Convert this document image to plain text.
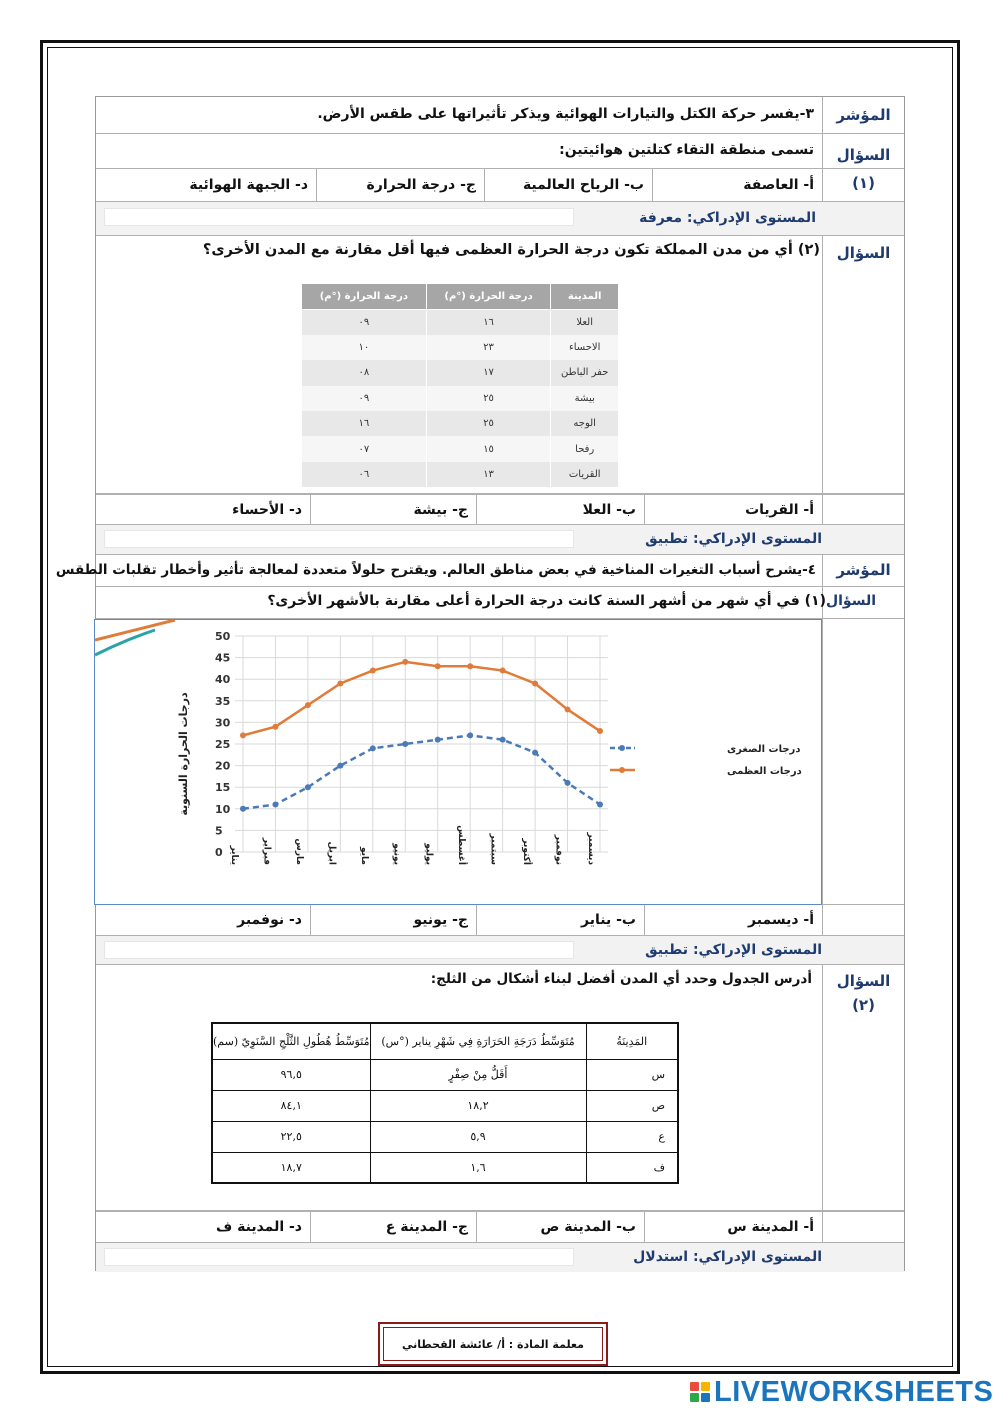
المؤشر
٣-يفسر حركة الكتل والتيارات الهوائية ويذكر تأثيراتها على طقس الأرض.
السؤال
(١)
تسمى منطقة التقاء كتلتين هوائيتين:
أ- العاصفة
ب- الرياح العالمية
ج- درجة الحرارة
د- الجبهة الهوائية
المستوى الإدراكي: معرفة
السؤال
(٢) أي من مدن المملكة تكون درجة الحرارة العظمى فيها أقل مقارنة مع المدن الأخرى؟
المدينة	درجة الحرارة (°م)	درجة الحرارة (°م)
العلا	١٦	٠٩
الاحساء	٢٣	١٠
حفر الباطن	١٧	٠٨
بيشة	٢٥	٠٩
الوجه	٢٥	١٦
رفحا	١٥	٠٧
القريات	١٣	٠٦
أ- القريات
ب- العلا
ج- بيشة
د- الأحساء
المستوى الإدراكي: تطبيق
المؤشر
٤-يشرح أسباب التغيرات المناخية في بعض مناطق العالم. ويقترح حلولاً متعددة لمعالجة تأثير وأخطار تقلبات الطقس
السؤال(١) في أي شهر من أشهر السنة كانت درجة الحرارة أعلى مقارنة بالأشهر الأخرى؟
0
5
10
15
20
25
30
35
40
45
50
يناير فبراير مارس ابريل مايو يونيو يوليو أغسطس سبتمبر أكتوبر نوفمبر ديسمبر
درجات الحرارة السنوية	درجات الصغرى
درجات العظمى
أ- ديسمبر
ب- يناير
ج- يونيو
د- نوفمبر
المستوى الإدراكي: تطبيق
السؤال
(٢)
أدرس الجدول وحدد أي المدن أفضل لبناء أشكال من الثلج:
المَدِينَةُ	مُتَوَسِّطُ دَرَجَةِ الحَرَارَةِ فِي شَهْرِ يناير (°س)	مُتَوَسِّطُ هُطُولِ الثَّلْجِ السَّنَوِيّ (سم)
س	أَقَلُّ مِنْ صِفْرٍ	٩٦,٥
ص	١٨,٢	٨٤,١
ع	٥,٩	٢٢,٥
ف	١,٦	١٨,٧
أ- المدينة س
ب- المدينة ص
ج- المدينة ع
د- المدينة ف
المستوى الإدراكي: استدلال
معلمة المادة : أ/ عائشة القحطاني
LIVEWORKSHEETS
